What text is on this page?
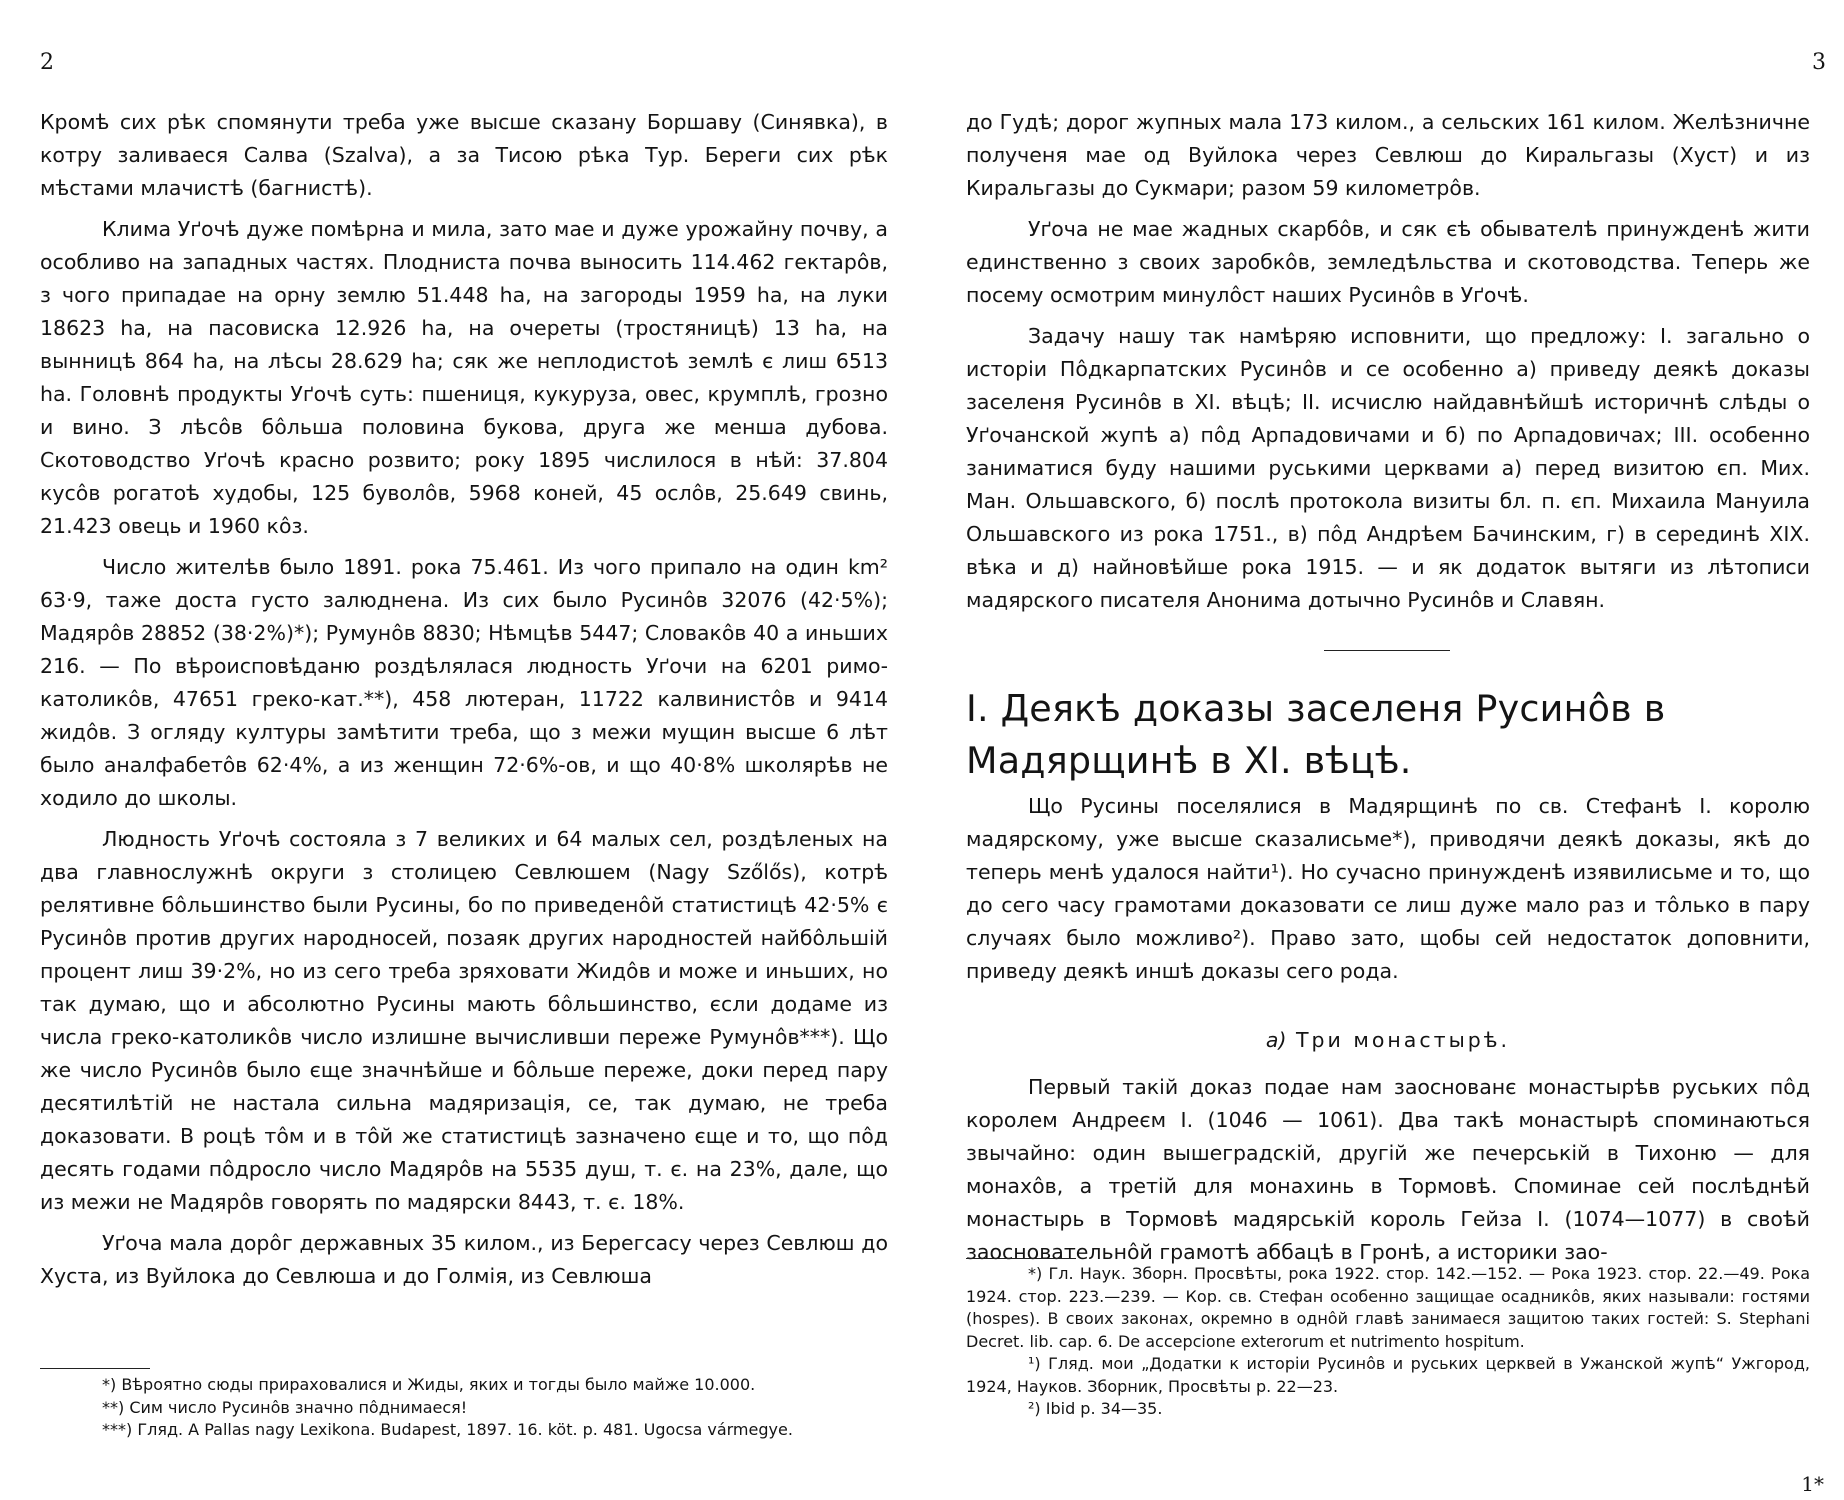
2

Кромѣ сих рѣк спомянути треба уже высше сказану Боршаву (Синявка), в котру заливаеся Салва (Szalva), а за Тисою рѣка Тур. Береги сих рѣк мѣстами млачистѣ (багнистѣ).

Клима Уґочѣ дуже помѣрна и мила, зато мае и дуже урожайну почву, а особливо на западных частях. Плодниста почва выносить 114.462 гектарôв, з чого припадае на орну землю 51.448 ha, на загороды 1959 ha, на луки 18623 ha, на пасовиска 12.926 ha, на очереты (тростяницѣ) 13 ha, на вынницѣ 864 ha, на лѣсы 28.629 ha; сяк же неплодистоѣ землѣ є лиш 6513 ha. Головнѣ продукты Уґочѣ суть: пшениця, кукуруза, овес, крумплѣ, грозно и вино. З лѣсôв бôльша половина букова, друга же менша дубова. Скотоводство Уґочѣ красно розвито; року 1895 числилося в нѣй: 37.804 кусôв рогатоѣ худобы, 125 буволôв, 5968 коней, 45 ослôв, 25.649 свинь, 21.423 овець и 1960 кôз.

Число жителѣв было 1891. рока 75.461. Из чого припало на один km² 63·9, таже доста густо залюднена. Из сих было Русинôв 32076 (42·5%); Мадярôв 28852 (38·2%)*); Румунôв 8830; Нѣмцѣв 5447; Словакôв 40 а иньших 216. — По вѣроисповѣданю роздѣлялася людность Уґочи на 6201 римо-католикôв, 47651 греко-кат.**), 458 лютеран, 11722 калвинистôв и 9414 жидôв. З огляду културы замѣтити треба, що з межи мущин высше 6 лѣт было аналфабетôв 62·4%, а из женщин 72·6%-ов, и що 40·8% школярѣв не ходило до школы.

Людность Уґочѣ состояла з 7 великих и 64 малых сел, роздѣленых на два главнослужнѣ округи з столицею Севлюшем (Nagy Szőlős), котрѣ релятивне бôльшинство были Русины, бо по приведенôй статистицѣ 42·5% є Русинôв против других народносей, позаяк других народностей найбôльшій процент лиш 39·2%, но из сего треба зряховати Жидôв и може и иньших, но так думаю, що и абсолютно Русины мають бôльшинство, єсли додаме из числа греко-католикôв число излишне вычисливши переже Румунôв***). Що же число Русинôв было єще значнѣйше и бôльше переже, доки перед пару десятилѣтій не настала сильна мадяризація, се, так думаю, не треба доказовати. В роцѣ тôм и в тôй же статистицѣ зазначено єще и то, що пôд десять годами пôдросло число Мадярôв на 5535 душ, т. є. на 23%, дале, що из межи не Мадярôв говорять по мадярски 8443, т. є. 18%.

Уґоча мала дорôг державных 35 килом., из Берегсасу через Севлюш до Хуста, из Вуйлока до Севлюша и до Голмія, из Севлюша

*) Вѣроятно сюды прираховалися и Жиды, яких и тогды было майже 10.000.

**) Сим число Русинôв значно пôднимаеся!

***) Гляд. A Pallas nagy Lexikona. Budapest, 1897. 16. köt. p. 481. Ugocsa vármegye.

3

до Гудѣ; дорог жупных мала 173 килом., а сельских 161 килом. Желѣзничне полученя мае од Вуйлока через Севлюш до Киральгазы (Хуст) и из Киральгазы до Сукмари; разом 59 километрôв.

Уґоча не мае жадных скарбôв, и сяк єѣ обывателѣ принужденѣ жити единственно з своих заробкôв, земледѣльства и скотоводства. Теперь же посему осмотрим минулôст наших Русинôв в Уґочѣ.

Задачу нашу так намѣряю исповнити, що предложу: I. загально о исторіи Пôдкарпатских Русинôв и се особенно а) приведу деякѣ доказы заселеня Русинôв в XI. вѣцѣ; II. исчислю найдавнѣйшѣ историчнѣ слѣды о Уґочанской жупѣ а) пôд Арпадовичами и б) по Арпадовичах; III. особенно заниматися буду нашими руськими церквами а) перед визитою єп. Мих. Ман. Ольшавского, б) послѣ протокола визиты бл. п. єп. Михаила Мануила Ольшавского из рока 1751., в) пôд Андрѣем Бачинским, г) в серединѣ XIX. вѣка и д) найновѣйше рока 1915. — и як додаток вытяги из лѣтописи мадярского писателя Анонима дотычно Русинôв и Славян.

I. Деякѣ доказы заселеня Русинôв в Мадярщинѣ в XI. вѣцѣ.

Що Русины поселялися в Мадярщинѣ по св. Стефанѣ I. королю мадярскому, уже высше сказалисьме*), приводячи деякѣ доказы, якѣ до теперь менѣ удалося найти¹). Но сучасно принужденѣ изявилисьме и то, що до сего часу грамотами доказовати се лиш дуже мало раз и тôлько в пару случаях было можливо²). Право зато, щобы сей недостаток доповнити, приведу деякѣ иншѣ доказы сего рода.

а) Три монастырѣ.

Первый такій доказ подае нам заоснованє монастырѣв руських пôд королем Андреєм I. (1046 — 1061). Два такѣ монастырѣ споминаються звычайно: один вышеградскій, другій же печерській в Тихоню — для монахôв, а третій для монахинь в Тормовѣ. Споминае сей послѣднѣй монастырь в Тормовѣ мадярській король Гейза I. (1074—1077) в своѣй заосновательнôй грамотѣ аббацѣ в Гронѣ, а историки зао-

*) Гл. Наук. Зборн. Просвѣты, рока 1922. стор. 142.—152. — Рока 1923. стор. 22.—49. Рока 1924. стор. 223.—239. — Кор. св. Стефан особенно защищае осадникôв, яких называли: гостями (hospes). В своих законах, окремно в однôй главѣ занимаеся защитою таких гостей: S. Stephani Decret. lib. cap. 6. De accepcione exterorum et nutrimento hospitum.

¹) Гляд. мои „Додатки к исторіи Русинôв и руських церквей в Ужанской жупѣ“ Ужгород, 1924, Науков. Зборник, Просвѣты р. 22—23.

²) Ibid p. 34—35.

1*
